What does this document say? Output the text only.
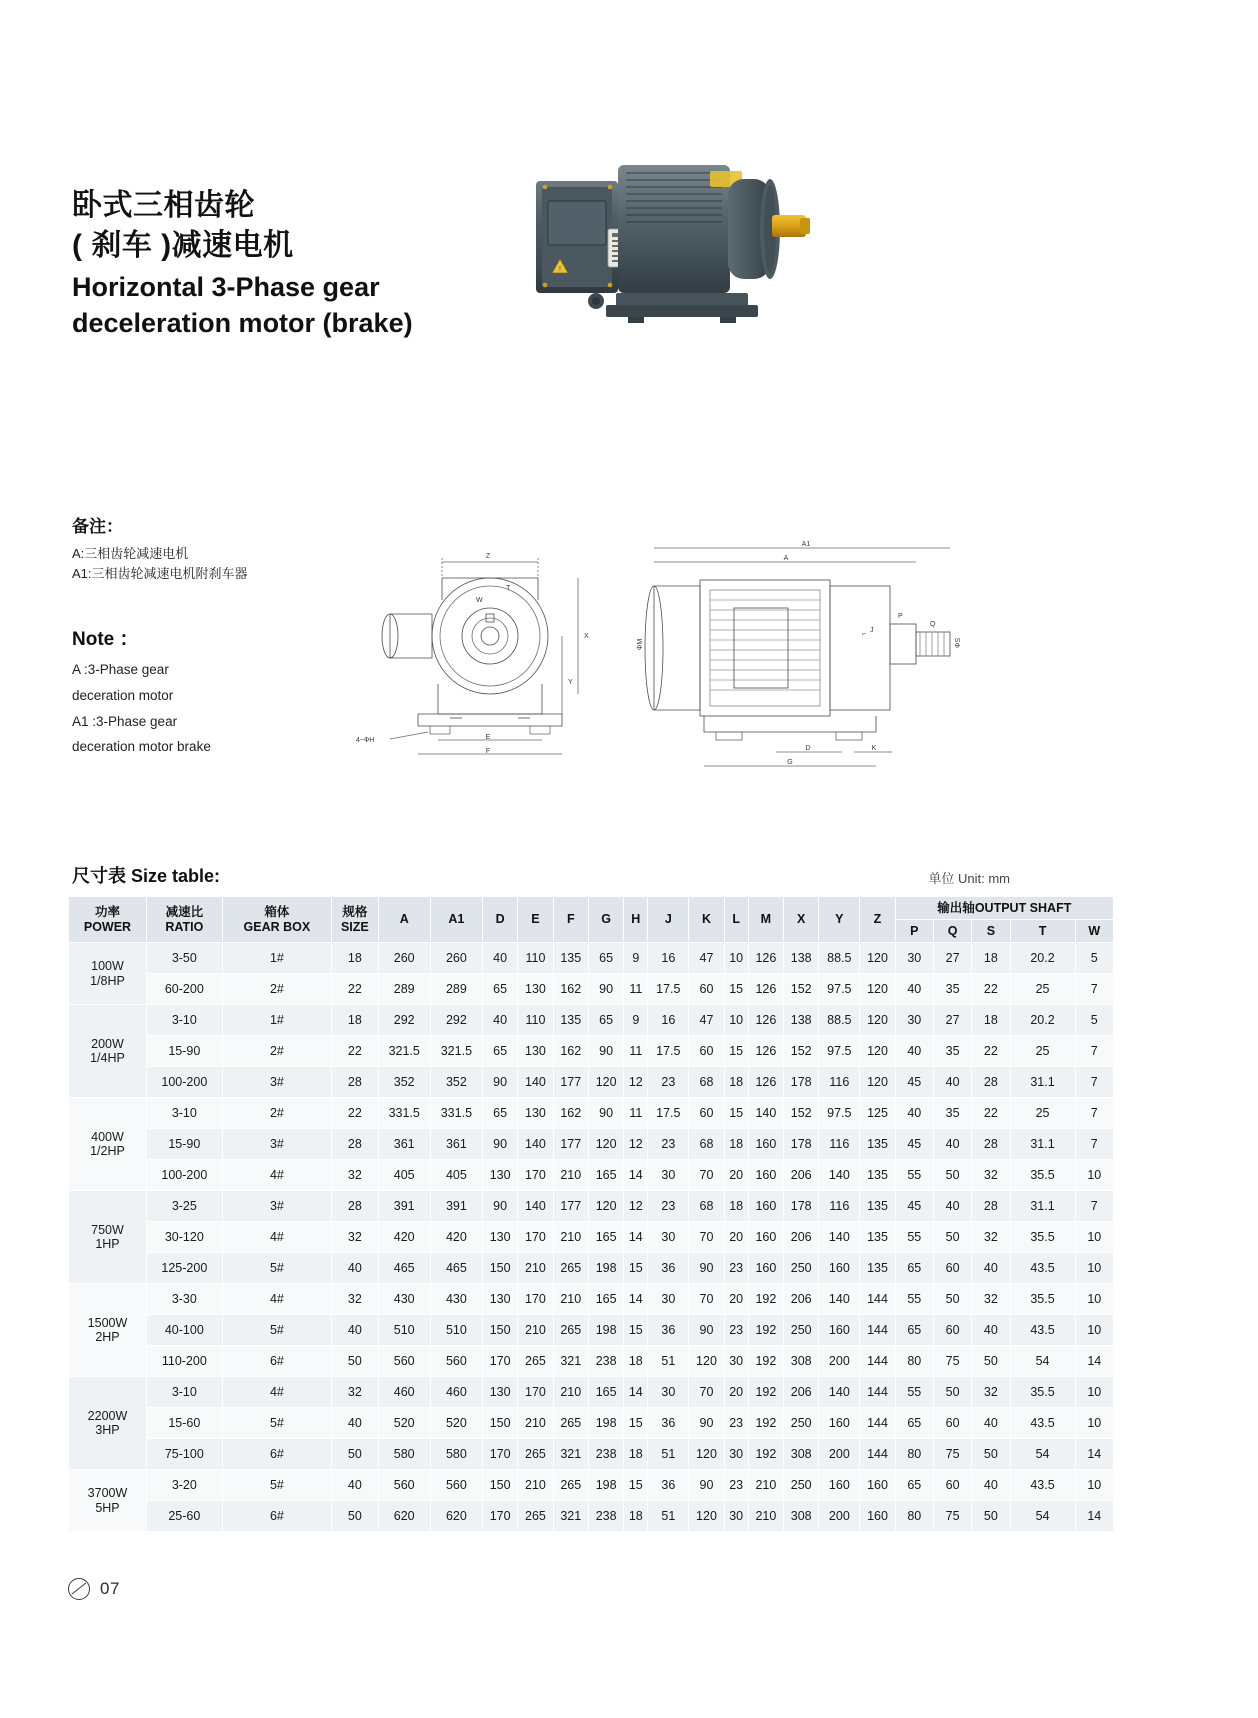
卧式三相齿轮
( 刹车 )减速电机
Horizontal 3-Phase gear
deceleration motor (brake)
!
备注：
A:三相齿轮减速电机
A1:三相齿轮减速电机附刹车器
Note ：
A :3-Phase gear
deceration motor
A1 :3-Phase gear
deceration motor brake
Z
W
T
X
Y
E
F
4−ФH
A1
A
P
Q
ФS
ФM
⌐
J
D	K
G
尺寸表 Size table:	单位 Unit: mm
功率
POWER	减速比
RATIO	箱体
GEAR BOX	规格
SIZE	A	A1	D	E	F	G	H	J	K	L	M	X	Y	Z	输出轴OUTPUT SHAFT				
																		P	Q	S	T	W

100W
1/8HP	3-50	1#	18	260	260	40	110	135	65	9	16	47	10	126	138	88.5	120	30	27	18	20.2	5
	60-200	2#	22	289	289	65	130	162	90	11	17.5	60	15	126	152	97.5	120	40	35	22	25	7

200W
1/4HP	3-10	1#	18	292	292	40	110	135	65	9	16	47	10	126	138	88.5	120	30	27	18	20.2	5
	15-90	2#	22	321.5	321.5	65	130	162	90	11	17.5	60	15	126	152	97.5	120	40	35	22	25	7
	100-200	3#	28	352	352	90	140	177	120	12	23	68	18	126	178	116	120	45	40	28	31.1	7

400W
1/2HP	3-10	2#	22	331.5	331.5	65	130	162	90	11	17.5	60	15	140	152	97.5	125	40	35	22	25	7
	15-90	3#	28	361	361	90	140	177	120	12	23	68	18	160	178	116	135	45	40	28	31.1	7
	100-200	4#	32	405	405	130	170	210	165	14	30	70	20	160	206	140	135	55	50	32	35.5	10

750W
1HP	3-25	3#	28	391	391	90	140	177	120	12	23	68	18	160	178	116	135	45	40	28	31.1	7
	30-120	4#	32	420	420	130	170	210	165	14	30	70	20	160	206	140	135	55	50	32	35.5	10
	125-200	5#	40	465	465	150	210	265	198	15	36	90	23	160	250	160	135	65	60	40	43.5	10

1500W
2HP	3-30	4#	32	430	430	130	170	210	165	14	30	70	20	192	206	140	144	55	50	32	35.5	10
	40-100	5#	40	510	510	150	210	265	198	15	36	90	23	192	250	160	144	65	60	40	43.5	10
	110-200	6#	50	560	560	170	265	321	238	18	51	120	30	192	308	200	144	80	75	50	54	14

2200W
3HP	3-10	4#	32	460	460	130	170	210	165	14	30	70	20	192	206	140	144	55	50	32	35.5	10
	15-60	5#	40	520	520	150	210	265	198	15	36	90	23	192	250	160	144	65	60	40	43.5	10
	75-100	6#	50	580	580	170	265	321	238	18	51	120	30	192	308	200	144	80	75	50	54	14

3700W
5HP	3-20	5#	40	560	560	150	210	265	198	15	36	90	23	210	250	160	160	65	60	40	43.5	10
	25-60	6#	50	620	620	170	265	321	238	18	51	120	30	210	308	200	160	80	75	50	54	14
07
